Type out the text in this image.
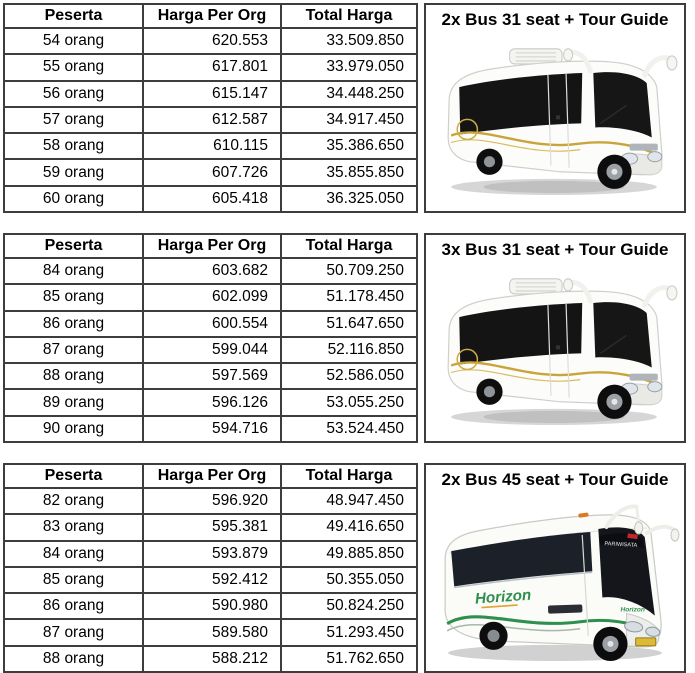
Peserta	Harga Per Org	Total Harga
54 orang	620.553	33.509.850
55 orang	617.801	33.979.050
56 orang	615.147	34.448.250
57 orang	612.587	34.917.450
58 orang	610.115	35.386.650
59 orang	607.726	35.855.850
60 orang	605.418	36.325.050
2x Bus 31 seat + Tour Guide
Peserta	Harga Per Org	Total Harga
84 orang	603.682	50.709.250
85 orang	602.099	51.178.450
86 orang	600.554	51.647.650
87 orang	599.044	52.116.850
88 orang	597.569	52.586.050
89 orang	596.126	53.055.250
90 orang	594.716	53.524.450
3x Bus 31 seat + Tour Guide
Peserta	Harga Per Org	Total Harga
82 orang	596.920	48.947.450
83 orang	595.381	49.416.650
84 orang	593.879	49.885.850
85 orang	592.412	50.355.050
86 orang	590.980	50.824.250
87 orang	589.580	51.293.450
88 orang	588.212	51.762.650
2x Bus 45 seat + Tour Guide
